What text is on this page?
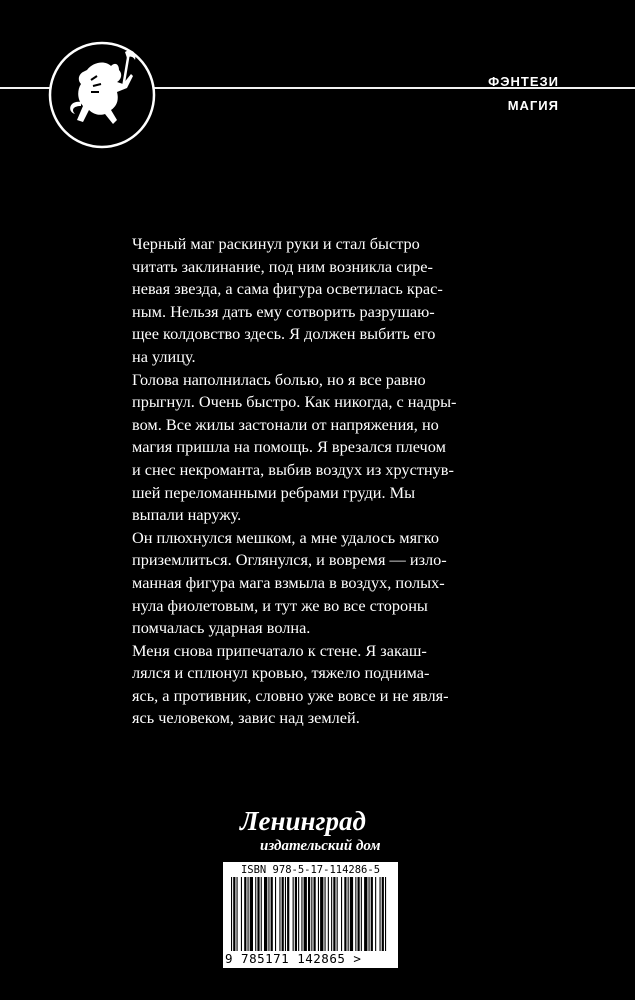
ФЭНТЕЗИ
МАГИЯ

Черный маг раскинул руки и стал быстро
читать заклинание, под ним возникла сире-
невая звезда, а сама фигура осветилась крас-
ным. Нельзя дать ему сотворить разрушаю-
щее колдовство здесь. Я должен выбить его
на улицу.

Голова наполнилась болью, но я все равно
прыгнул. Очень быстро. Как никогда, с надры-
вом. Все жилы застонали от напряжения, но
магия пришла на помощь. Я врезался плечом
и снес некроманта, выбив воздух из хрустнув-
шей переломанными ребрами груди. Мы
выпали наружу.

Он плюхнулся мешком, а мне удалось мягко
приземлиться. Оглянулся, и вовремя — изло-
манная фигура мага взмыла в воздух, полых-
нула фиолетовым, и тут же во все стороны
помчалась ударная волна.

Меня снова припечатало к стене. Я закаш-
лялся и сплюнул кровью, тяжело поднима-
ясь, а противник, словно уже вовсе и не явля-
ясь человеком, завис над землей.

Ленинград
издательский дом
ISBN 978-5-17-114286-5
9 785171 142865 >
